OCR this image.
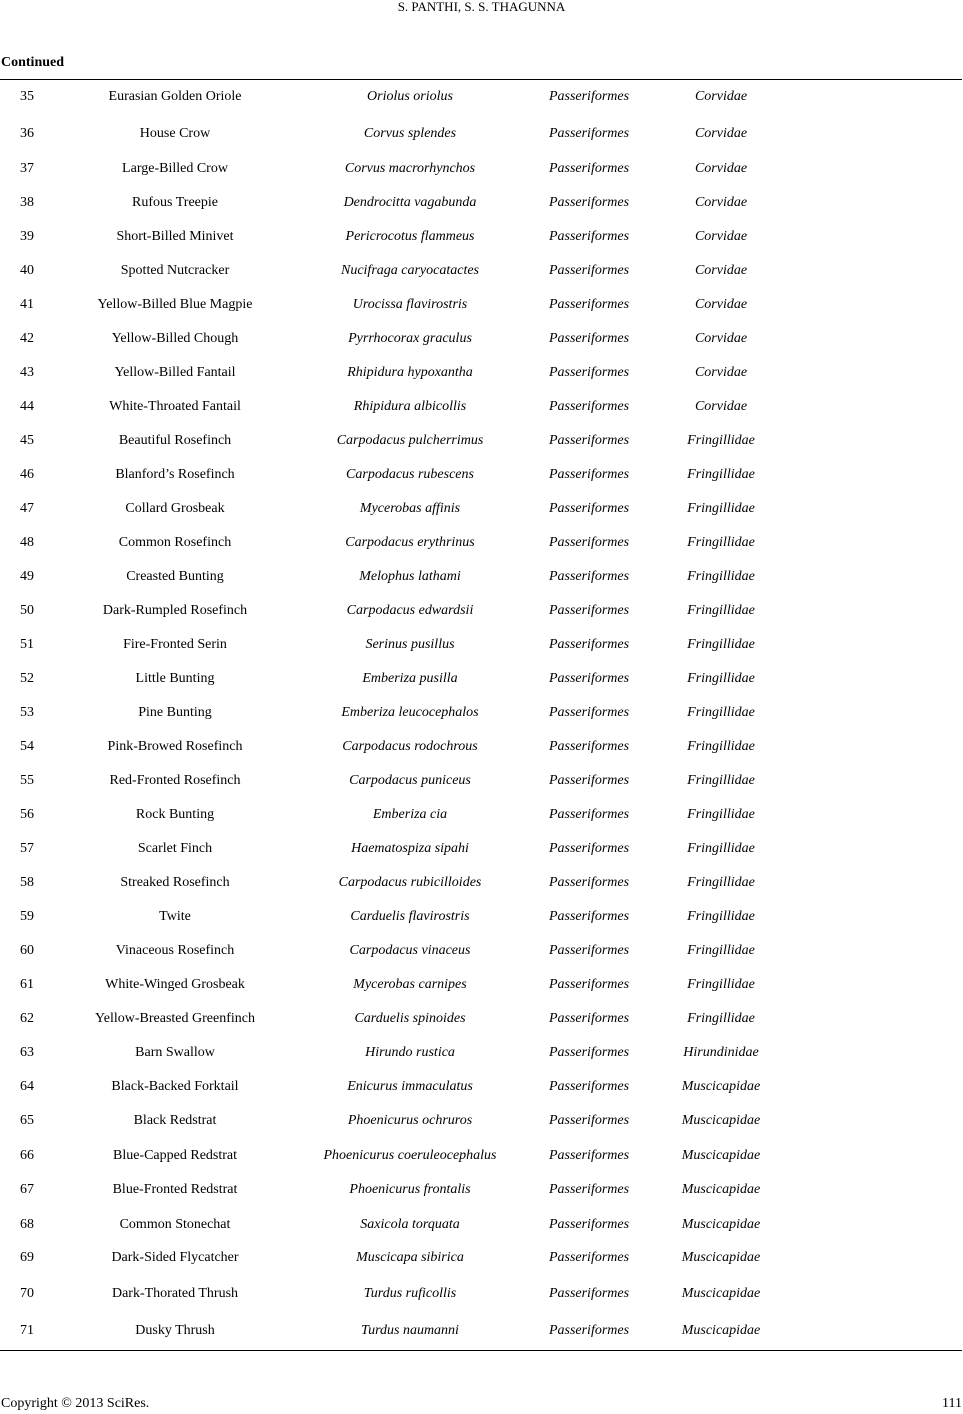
S. PANTHI, S. S. THAGUNNA
Continued
35	Eurasian Golden Oriole	Oriolus oriolus	Passeriformes	Corvidae
36	House Crow	Corvus splendes	Passeriformes	Corvidae
37	Large-Billed Crow	Corvus macrorhynchos	Passeriformes	Corvidae
38	Rufous Treepie	Dendrocitta vagabunda	Passeriformes	Corvidae
39	Short-Billed Minivet	Pericrocotus flammeus	Passeriformes	Corvidae
40	Spotted Nutcracker	Nucifraga caryocatactes	Passeriformes	Corvidae
41	Yellow-Billed Blue Magpie	Urocissa flavirostris	Passeriformes	Corvidae
42	Yellow-Billed Chough	Pyrrhocorax graculus	Passeriformes	Corvidae
43	Yellow-Billed Fantail	Rhipidura hypoxantha	Passeriformes	Corvidae
44	White-Throated Fantail	Rhipidura albicollis	Passeriformes	Corvidae
45	Beautiful Rosefinch	Carpodacus pulcherrimus	Passeriformes	Fringillidae
46	Blanford’s Rosefinch	Carpodacus rubescens	Passeriformes	Fringillidae
47	Collard Grosbeak	Mycerobas affinis	Passeriformes	Fringillidae
48	Common Rosefinch	Carpodacus erythrinus	Passeriformes	Fringillidae
49	Creasted Bunting	Melophus lathami	Passeriformes	Fringillidae
50	Dark-Rumpled Rosefinch	Carpodacus edwardsii	Passeriformes	Fringillidae
51	Fire-Fronted Serin	Serinus pusillus	Passeriformes	Fringillidae
52	Little Bunting	Emberiza pusilla	Passeriformes	Fringillidae
53	Pine Bunting	Emberiza leucocephalos	Passeriformes	Fringillidae
54	Pink-Browed Rosefinch	Carpodacus rodochrous	Passeriformes	Fringillidae
55	Red-Fronted Rosefinch	Carpodacus puniceus	Passeriformes	Fringillidae
56	Rock Bunting	Emberiza cia	Passeriformes	Fringillidae
57	Scarlet Finch	Haematospiza sipahi	Passeriformes	Fringillidae
58	Streaked Rosefinch	Carpodacus rubicilloides	Passeriformes	Fringillidae
59	Twite	Carduelis flavirostris	Passeriformes	Fringillidae
60	Vinaceous Rosefinch	Carpodacus vinaceus	Passeriformes	Fringillidae
61	White-Winged Grosbeak	Mycerobas carnipes	Passeriformes	Fringillidae
62	Yellow-Breasted Greenfinch	Carduelis spinoides	Passeriformes	Fringillidae
63	Barn Swallow	Hirundo rustica	Passeriformes	Hirundinidae
64	Black-Backed Forktail	Enicurus immaculatus	Passeriformes	Muscicapidae
65	Black Redstrat	Phoenicurus ochruros	Passeriformes	Muscicapidae
66	Blue-Capped Redstrat	Phoenicurus coeruleocephalus	Passeriformes	Muscicapidae
67	Blue-Fronted Redstrat	Phoenicurus frontalis	Passeriformes	Muscicapidae
68	Common Stonechat	Saxicola torquata	Passeriformes	Muscicapidae
69	Dark-Sided Flycatcher	Muscicapa sibirica	Passeriformes	Muscicapidae
70	Dark-Thorated Thrush	Turdus ruficollis	Passeriformes	Muscicapidae
71	Dusky Thrush	Turdus naumanni	Passeriformes	Muscicapidae
Copyright © 2013 SciRes.	111
